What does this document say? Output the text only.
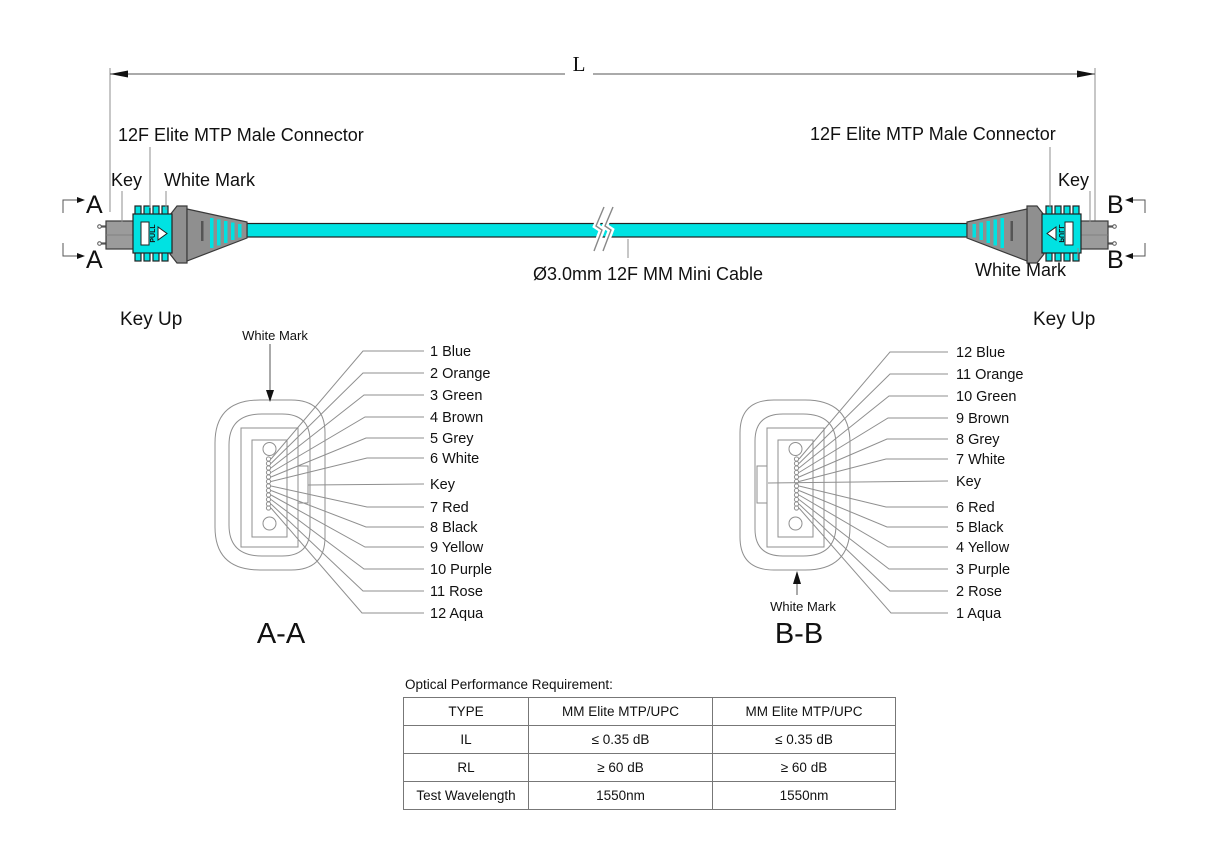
L
A
A
B
B
12F Elite MTP Male Connector	12F Elite MTP Male Connector
Key White Mark	Key
White Mark
Ø3.0mm 12F MM Mini Cable
Key Up
1 Blue
2 Orange
3 Green
4 Brown
5 Grey
6 White
Key
7 Red
8 Black
9 Yellow
10 Purple
11 Rose
12 Aqua
White Mark
A-A
Key Up
12 Blue
11 Orange
10 Green
9 Brown
8 Grey
7 White
Key
6 Red
5 Black
4 Yellow
3 Purple
2 Rose
1 Aqua
White Mark
B-B
Optical Performance Requirement:
TYPE	MM Elite MTP/UPC	MM Elite MTP/UPC
IL	≤ 0.35 dB	≤ 0.35 dB
RL	≥ 60 dB	≥ 60 dB
Test Wavelength	1550nm	1550nm
